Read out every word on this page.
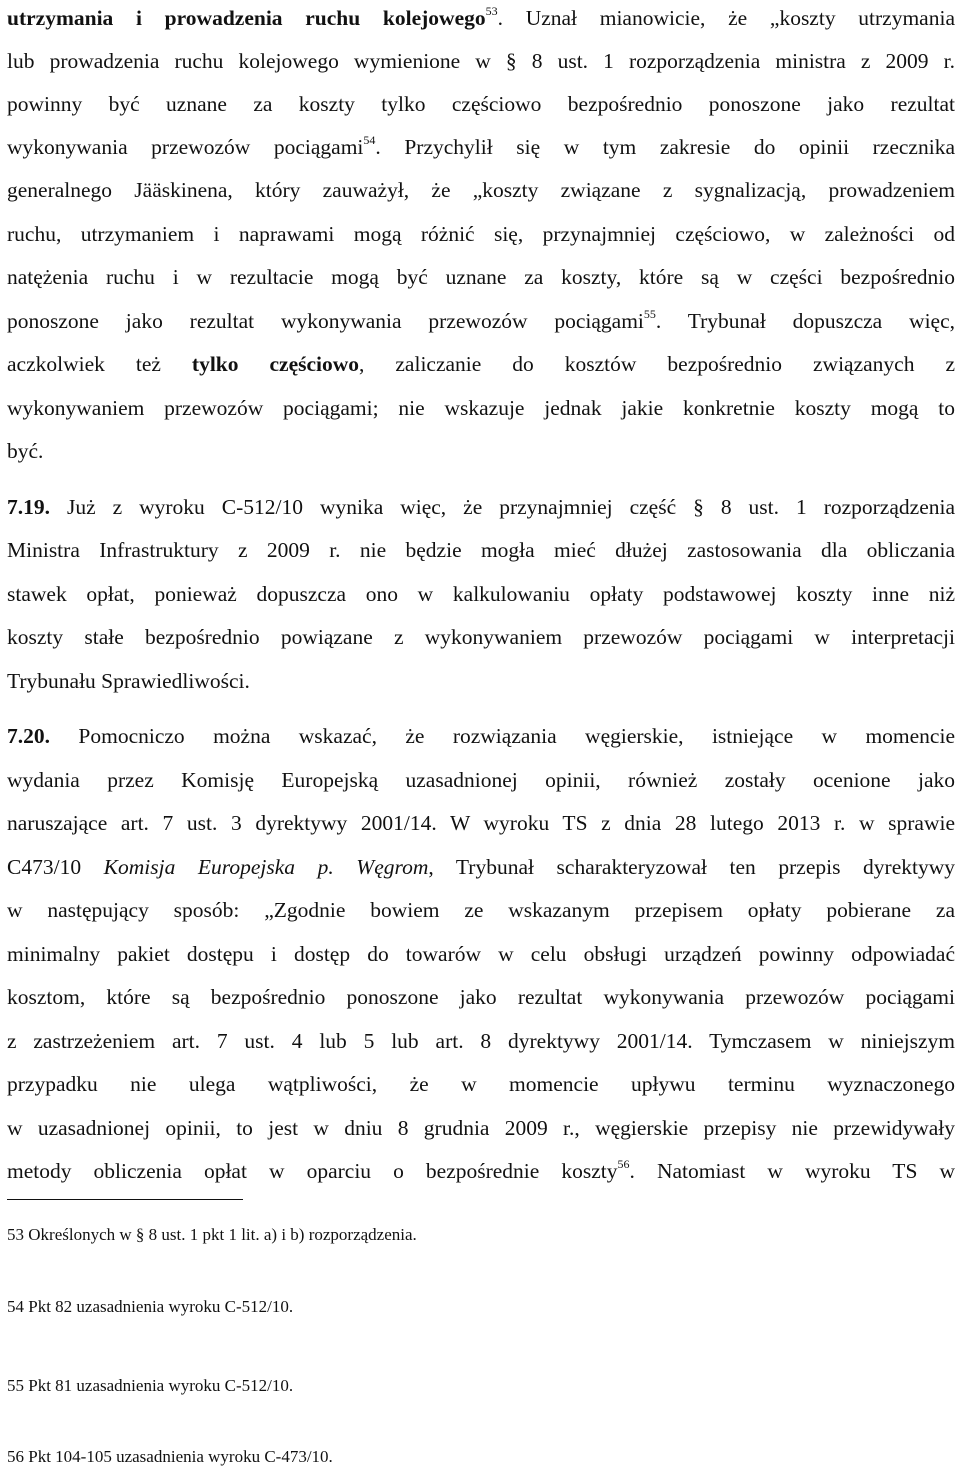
utrzymania i prowadzenia ruchu kolejowego$^{53}$. Uznał mianowicie, że „koszty utrzymania
lub prowadzenia ruchu kolejowego wymienione w § 8 ust. 1 rozporządzenia ministra z 2009 r.
powinny być uznane za koszty tylko częściowo bezpośrednio ponoszone jako rezultat
wykonywania przewozów pociągami$^{54}$. Przychylił się w tym zakresie do opinii rzecznika
generalnego Jääskinena, który zauważył, że „koszty związane z sygnalizacją, prowadzeniem
ruchu, utrzymaniem i naprawami mogą różnić się, przynajmniej częściowo, w zależności od
natężenia ruchu i w rezultacie mogą być uznane za koszty, które są w części bezpośrednio
ponoszone jako rezultat wykonywania przewozów pociągami$^{55}$. Trybunał dopuszcza więc,
aczkolwiek też tylko częściowo, zaliczanie do kosztów bezpośrednio związanych z
wykonywaniem przewozów pociągami; nie wskazuje jednak jakie konkretnie koszty mogą to
być.
7.19. Już z wyroku C-512/10 wynika więc, że przynajmniej część § 8 ust. 1 rozporządzenia
Ministra Infrastruktury z 2009 r. nie będzie mogła mieć dłużej zastosowania dla obliczania
stawek opłat, ponieważ dopuszcza ono w kalkulowaniu opłaty podstawowej koszty inne niż
koszty stałe bezpośrednio powiązane z wykonywaniem przewozów pociągami w interpretacji
Trybunału Sprawiedliwości.
7.20. Pomocniczo można wskazać, że rozwiązania węgierskie, istniejące w momencie
wydania przez Komisję Europejską uzasadnionej opinii, również zostały ocenione jako
naruszające art. 7 ust. 3 dyrektywy 2001/14. W wyroku TS z dnia 28 lutego 2013 r. w sprawie
C473/10 Komisja Europejska p. Węgrom, Trybunał scharakteryzował ten przepis dyrektywy
w następujący sposób: „Zgodnie bowiem ze wskazanym przepisem opłaty pobierane za
minimalny pakiet dostępu i dostęp do towarów w celu obsługi urządzeń powinny odpowiadać
kosztom, które są bezpośrednio ponoszone jako rezultat wykonywania przewozów pociągami
z zastrzeżeniem art. 7 ust. 4 lub 5 lub art. 8 dyrektywy 2001/14. Tymczasem w niniejszym
przypadku nie ulega wątpliwości, że w momencie upływu terminu wyznaczonego
w uzasadnionej opinii, to jest w dniu 8 grudnia 2009 r., węgierskie przepisy nie przewidywały
metody obliczenia opłat w oparciu o bezpośrednie koszty$^{56}$. Natomiast w wyroku TS w
53 Określonych w § 8 ust. 1 pkt 1 lit. a) i b) rozporządzenia.
54 Pkt 82 uzasadnienia wyroku C-512/10.
55 Pkt 81 uzasadnienia wyroku C-512/10.
56 Pkt 104-105 uzasadnienia wyroku C-473/10.
